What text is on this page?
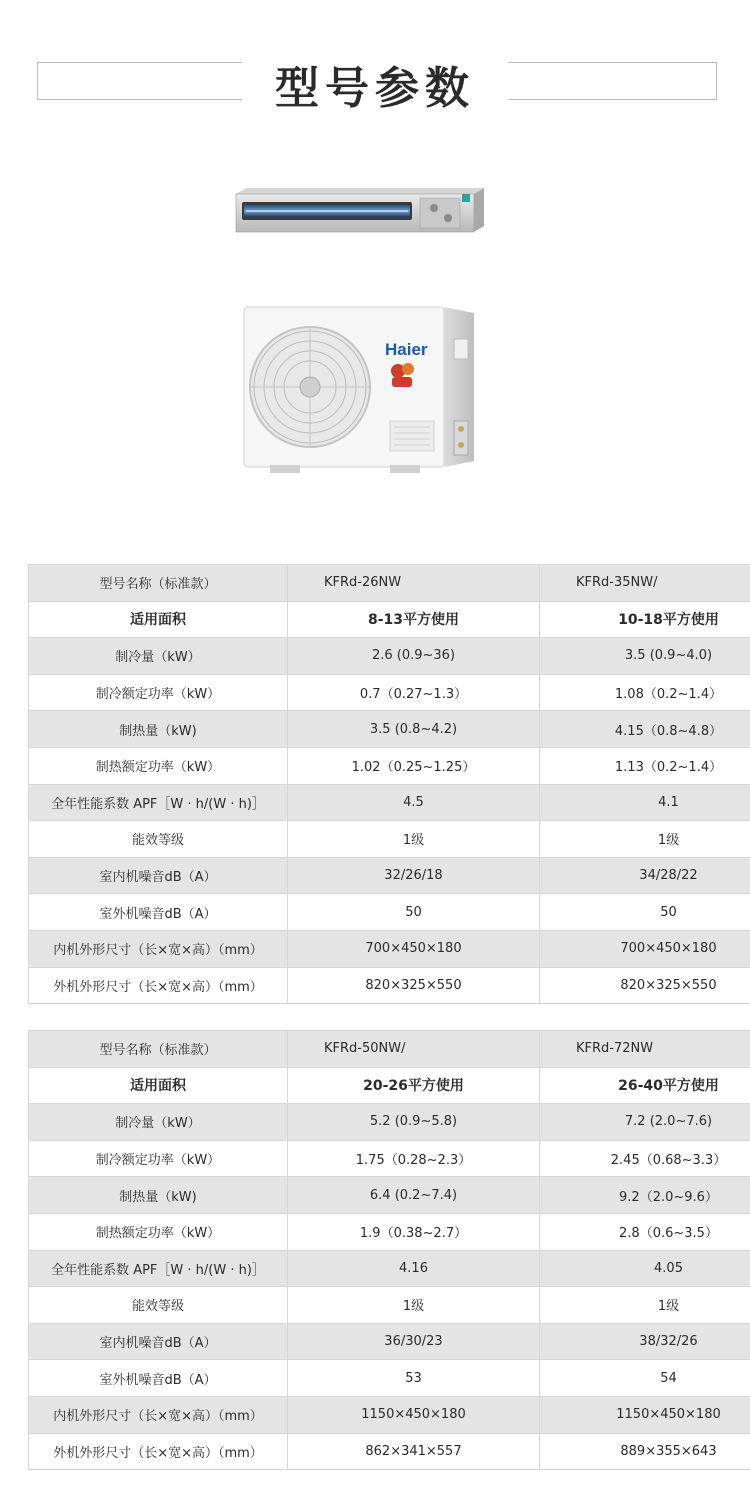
型号参数
Haier
型号名称（标准款）	KFRd-26NW	KFRd-35NW/
适用面积	8-13平方使用	10-18平方使用
制冷量（kW）	2.6 (0.9~36)	3.5 (0.9~4.0)
制冷额定功率（kW）	0.7（0.27~1.3）	1.08（0.2~1.4）
制热量（kW)	3.5 (0.8~4.2)	4.15（0.8~4.8）
制热额定功率（kW）	1.02（0.25~1.25）	1.13（0.2~1.4）
全年性能系数 APF［W · h/(W · h)］	4.5	4.1
能效等级	1级	1级
室内机噪音dB（A）	32/26/18	34/28/22
室外机噪音dB（A）	50	50
内机外形尺寸（长×宽×高）（mm）	700×450×180	700×450×180
外机外形尺寸（长×宽×高）（mm）	820×325×550	820×325×550
型号名称（标准款）	KFRd-50NW/	KFRd-72NW
适用面积	20-26平方使用	26-40平方使用
制冷量（kW）	5.2 (0.9~5.8)	7.2 (2.0~7.6)
制冷额定功率（kW）	1.75（0.28~2.3）	2.45（0.68~3.3）
制热量（kW)	6.4 (0.2~7.4)	9.2（2.0~9.6）
制热额定功率（kW）	1.9（0.38~2.7）	2.8（0.6~3.5）
全年性能系数 APF［W · h/(W · h)］	4.16	4.05
能效等级	1级	1级
室内机噪音dB（A）	36/30/23	38/32/26
室外机噪音dB（A）	53	54
内机外形尺寸（长×宽×高）（mm）	1150×450×180	1150×450×180
外机外形尺寸（长×宽×高）（mm）	862×341×557	889×355×643
